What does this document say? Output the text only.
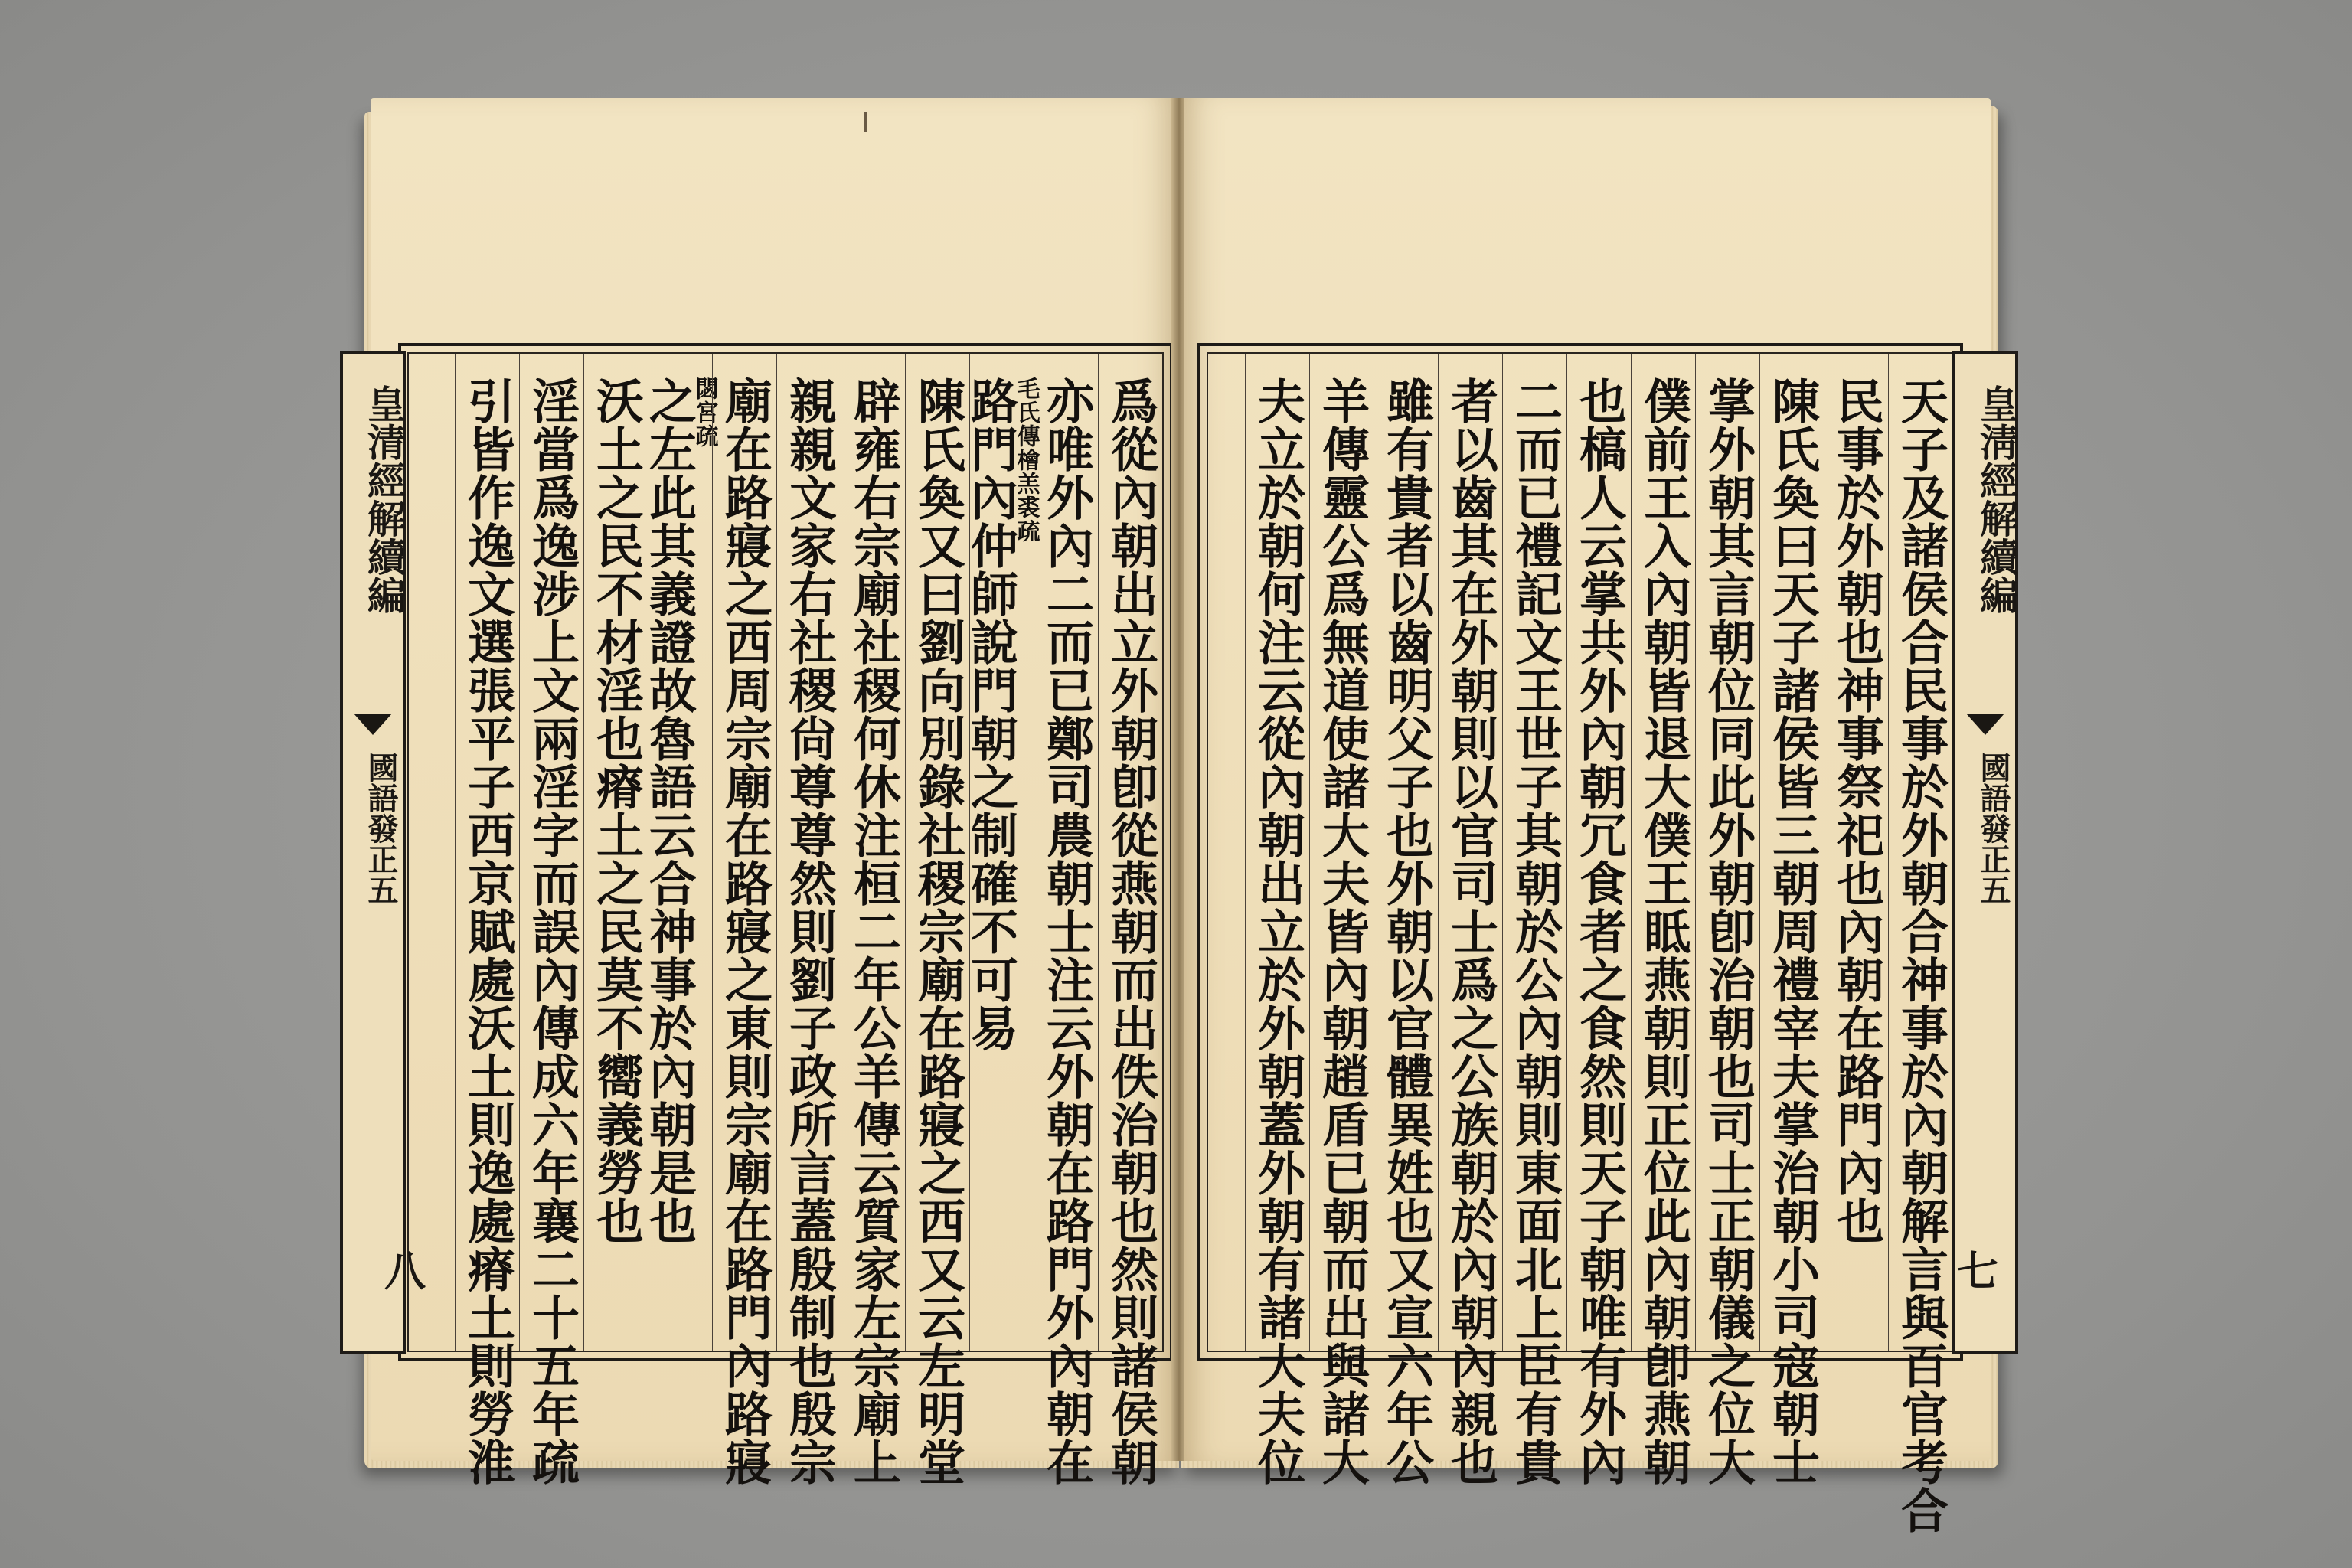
爲從內朝出立外朝卽從燕朝而出佚治朝也然則諸侯朝
亦唯外內二而已鄭司農朝士注云外朝在路門外內朝在
路門內仲師說門朝之制確不可易
毛氏傳檜羔裘疏
陳氏奐又曰劉向別錄社稷宗廟在路寢之西又云左明堂
辟雍右宗廟社稷何休注桓二年公羊傳云質家左宗廟上
親親文家右社稷尙尊尊然則劉子政所言蓋殷制也殷宗
廟在路寢之西周宗廟在路寢之東則宗廟在路門內路寢
之左此其義證故魯語云合神事於內朝是也
閟宮疏
沃土之民不材淫也瘠土之民莫不嚮義勞也
淫當爲逸涉上文兩淫字而誤內傳成六年襄二十五年疏
引皆作逸文選張平子西京賦處沃土則逸處瘠土則勞淮
皇清經解續編
國語發正五
八	天子及諸侯合民事於外朝合神事於內朝解言與百官考合
民事於外朝也神事祭祀也內朝在路門內也
陳氏奐曰天子諸侯皆三朝周禮宰夫掌治朝小司寇朝士
掌外朝其言朝位同此外朝卽治朝也司士正朝儀之位大
僕前王入內朝皆退大僕王眡燕朝則正位此內朝卽燕朝
也槁人云掌共外內朝冗食者之食然則天子朝唯有外內
二而已禮記文王世子其朝於公內朝則東面北上臣有貴
者以齒其在外朝則以官司士爲之公族朝於內朝內親也
雖有貴者以齒明父子也外朝以官體異姓也又宣六年公
羊傳靈公爲無道使諸大夫皆內朝趙盾已朝而出與諸大
夫立於朝何注云從內朝出立於外朝蓋外朝有諸大夫位	皇淸經解續編
國語發正五
七
